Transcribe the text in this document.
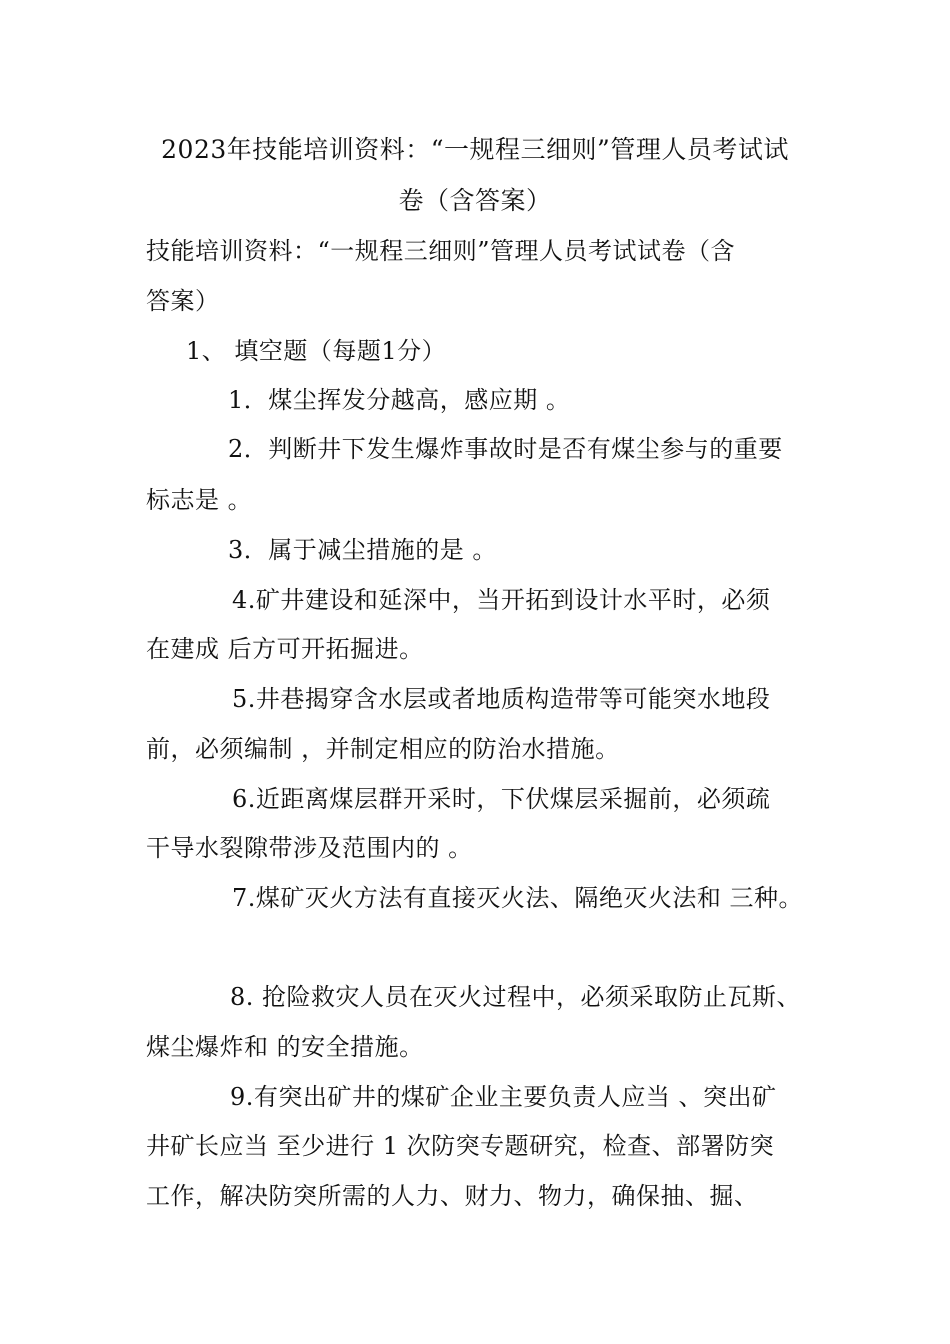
2023年技能培训资料：“一规程三细则”管理人员考试试
卷（含答案）
技能培训资料：“一规程三细则”管理人员考试试卷（含
答案）
1、 填空题（每题1分）
1．煤尘挥发分越高，感应期 。
2．判断井下发生爆炸事故时是否有煤尘参与的重要
标志是 。
3．属于减尘措施的是 。
4.矿井建设和延深中，当开拓到设计水平时，必须
在建成 后方可开拓掘进。
5.井巷揭穿含水层或者地质构造带等可能突水地段
前，必须编制 ，并制定相应的防治水措施。
6.近距离煤层群开采时，下伏煤层采掘前，必须疏
干导水裂隙带涉及范围内的 。
7.煤矿灭火方法有直接灭火法、隔绝灭火法和 三种。
8. 抢险救灾人员在灭火过程中，必须采取防止瓦斯、
煤尘爆炸和 的安全措施。
9.有突出矿井的煤矿企业主要负责人应当 、突出矿
井矿长应当 至少进行 1 次防突专题研究，检查、部署防突
工作，解决防突所需的人力、财力、物力，确保抽、掘、
